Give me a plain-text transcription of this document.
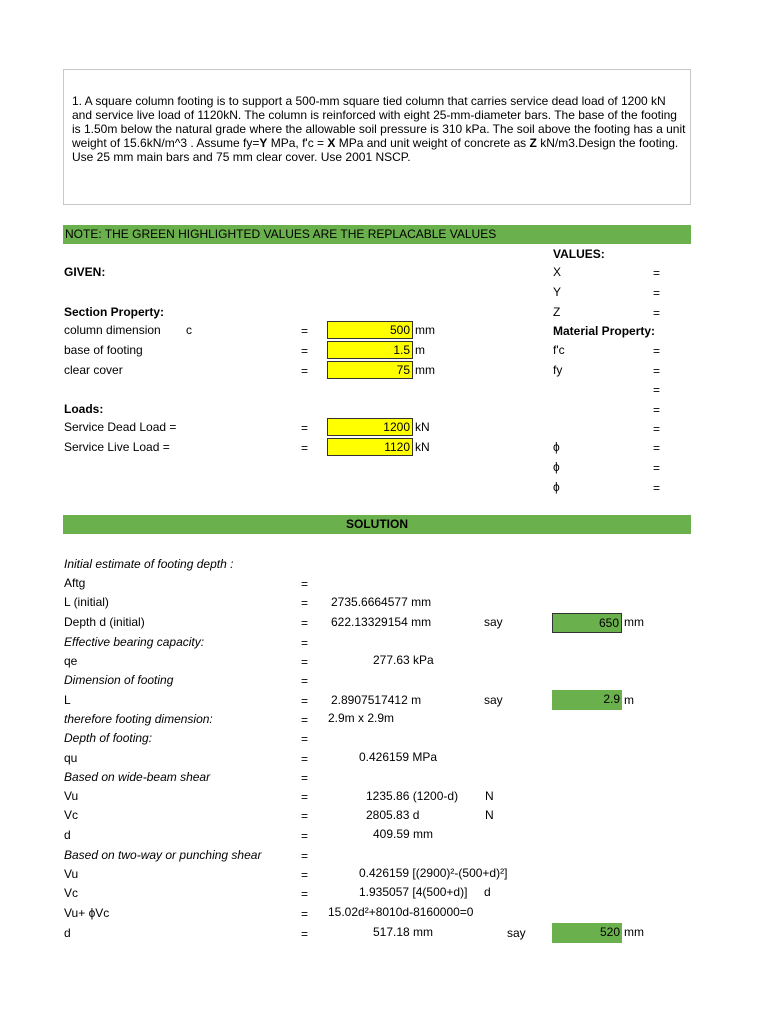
1. A square column footing is to support a 500-mm square tied column that carries service dead load of 1200 kN and service live load of 1120kN. The column is reinforced with eight 25-mm-diameter bars. The base of the footing is 1.50m below the natural grade where the allowable soil pressure is 310 kPa. The soil above the footing has a unit weight of 15.6kN/m^3 . Assume fy=Y MPa, f'c = X MPa and unit weight of concrete as Z kN/m3.Design the footing. Use 25 mm main bars and 75 mm clear cover. Use 2001 NSCP.

NOTE: THE GREEN HIGHLIGHTED VALUES ARE THE REPLACABLE VALUES
GIVEN:
Section Property:
column dimension c	=	500 mm
base of footing	=	1.5 m
clear cover	=	75 mm
Loads:
Service Dead Load =	=	1200 kN
Service Live Load =	=	1120 kN
VALUES:
X	=
Y	=
Z	=
Material Property:
f'c	=
fy	=
=
=
=
ϕ	=
ϕ	=
ϕ	=
SOLUTION
Initial estimate of footing depth :
Aftg	=
L (initial)	= 2735.6664577 mm
Depth d (initial)	= 622.13329154 mm	say	650 mm
Effective bearing capacity:	=
qe	=	277.63 kPa
Dimension of footing	=
L	= 2.8907517412 m	say	2.9 m
therefore footing dimension:	= 2.9m x 2.9m
Depth of footing:	=
qu	=	0.426159 MPa
Based on wide-beam shear	=
Vu	=	1235.86 (1200-d) N
Vc	=	2805.83 d	N
d	=	409.59 mm
Based on two-way or punching shear	=
Vu	=	0.426159 [(2900)²-(500+d)²]
Vc	=	1.935057 [4(500+d)] d
Vu+ ϕVc	= 15.02d²+8010d-8160000=0
d	=	517.18 mm	say	520 mm
